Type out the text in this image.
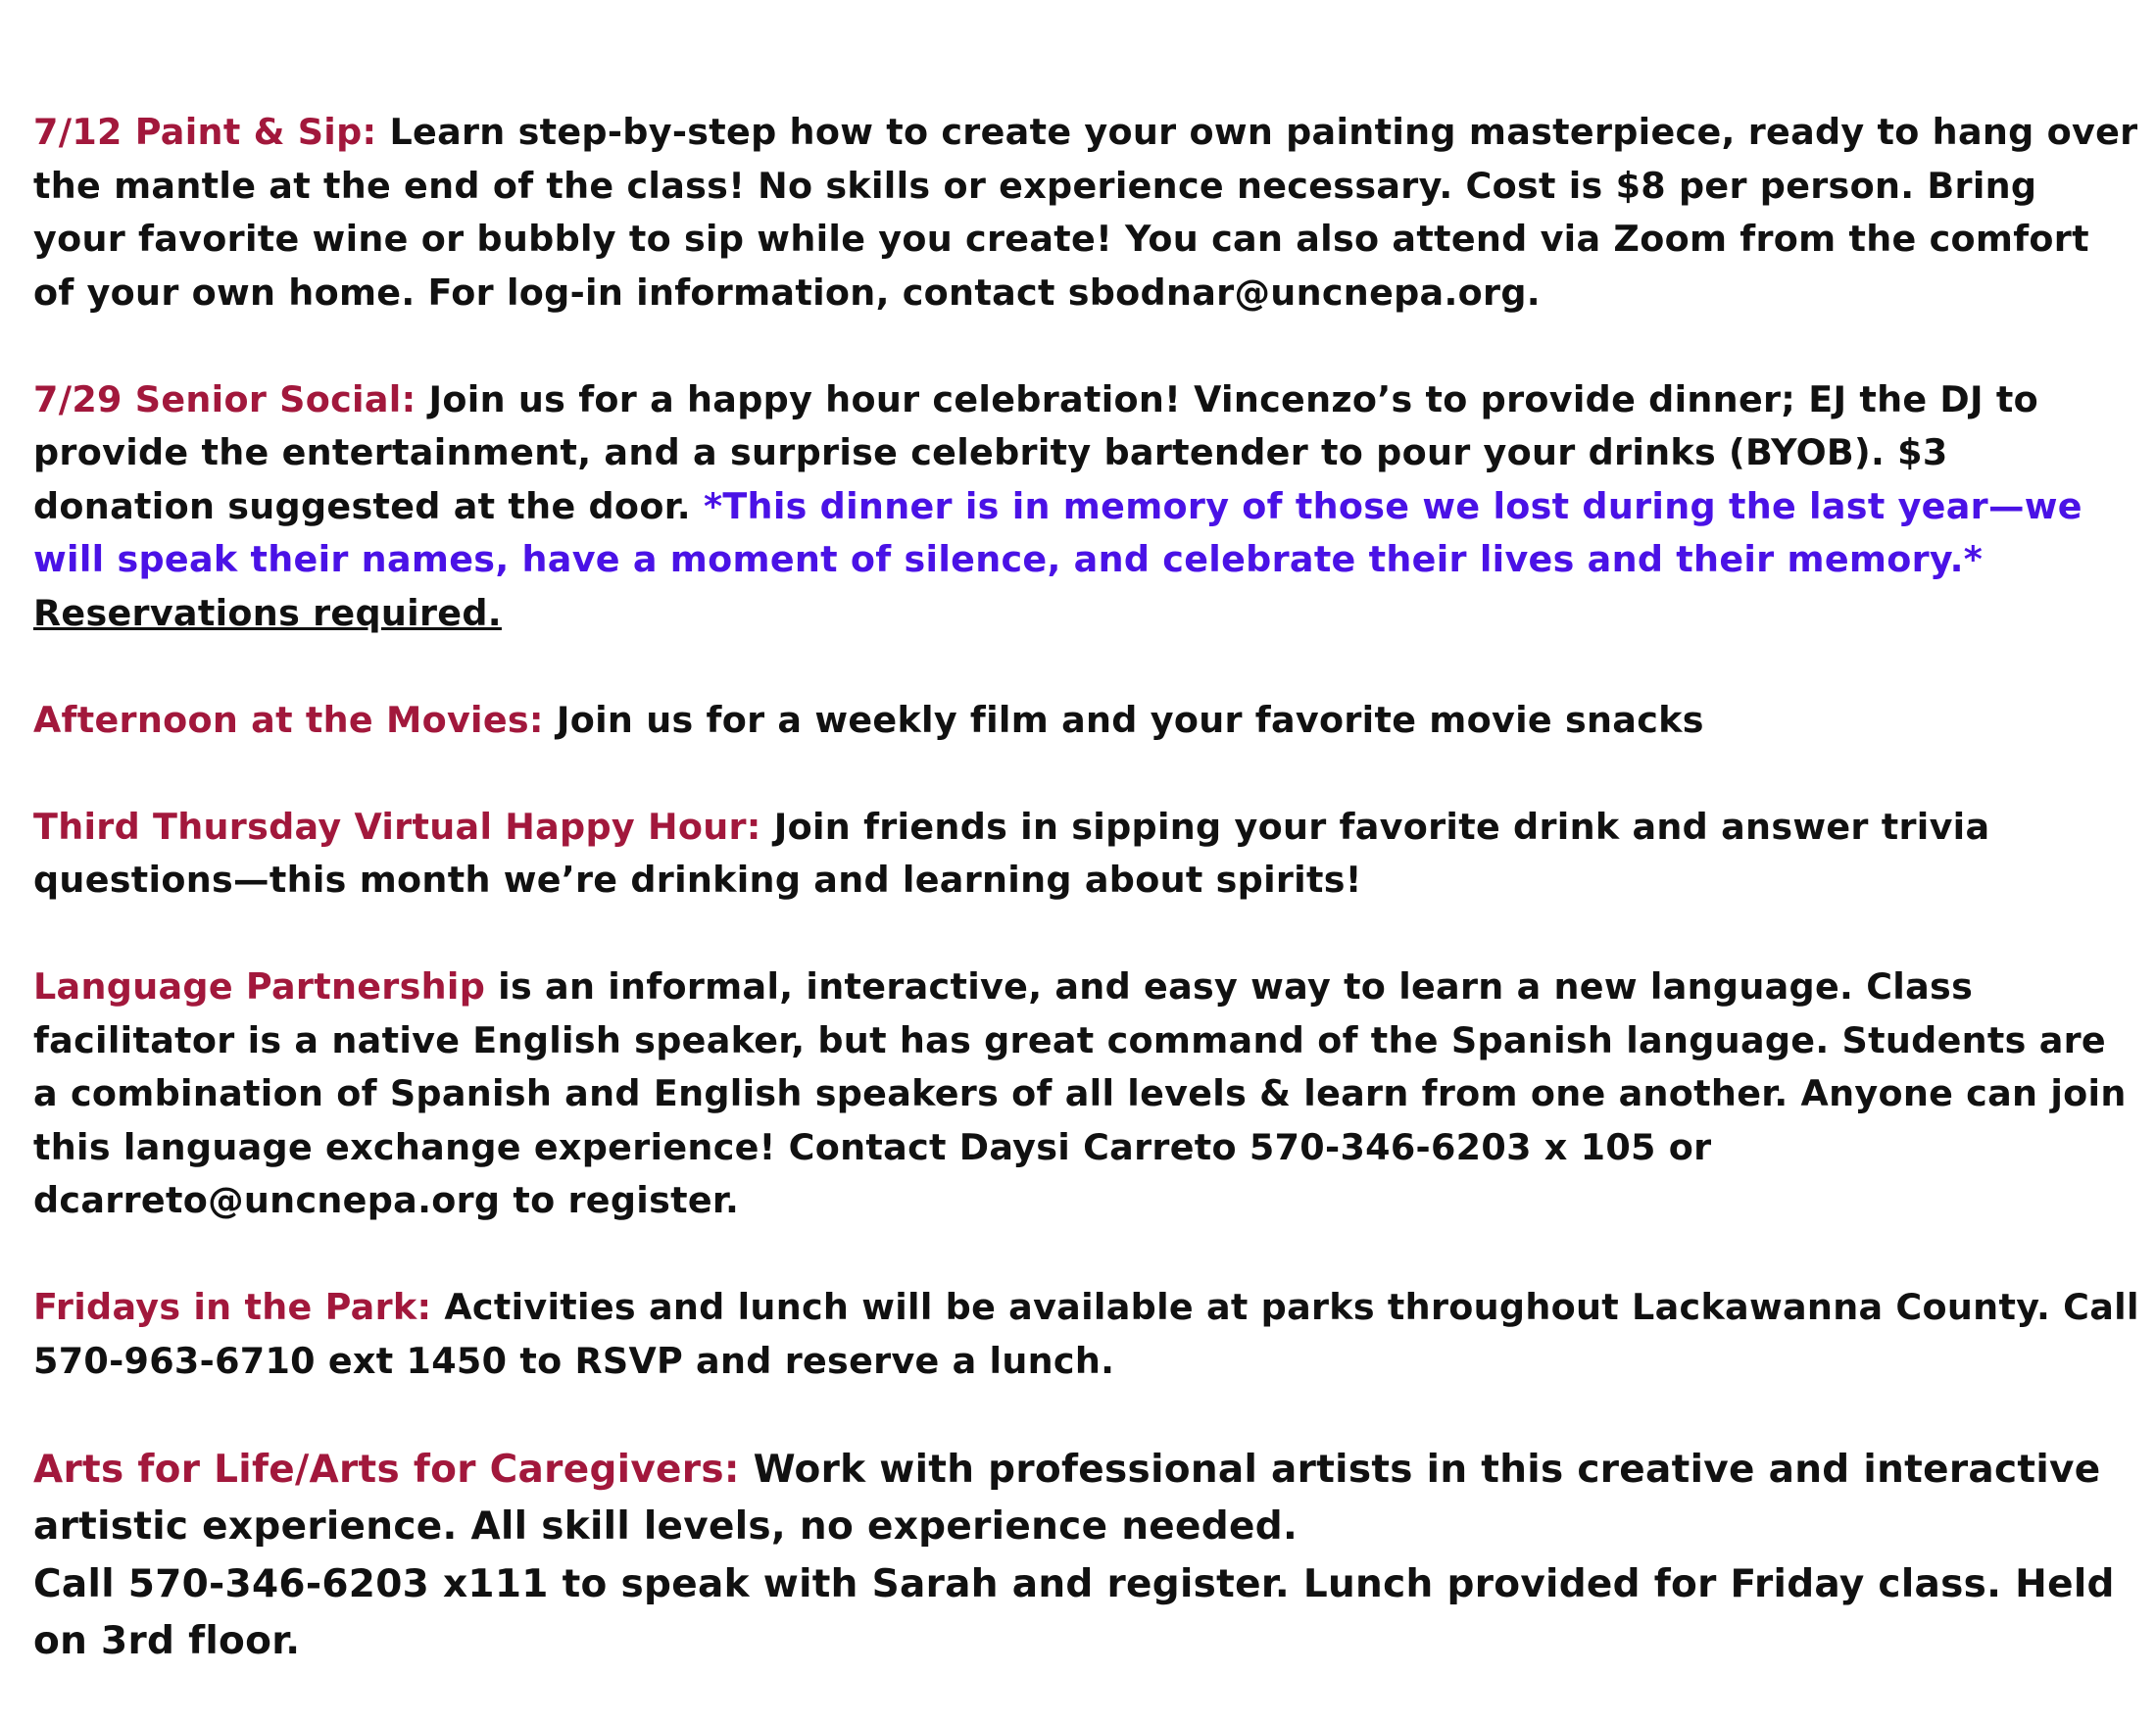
7/12 Paint & Sip: Learn step-by-step how to create your own painting masterpiece, ready to hang over the mantle at the end of the class! No skills or experience necessary. Cost is $8 per person. Bring your favorite wine or bubbly to sip while you create! You can also attend via Zoom from the comfort of your own home. For log-in information, contact sbodnar@uncnepa.org.

7/29 Senior Social: Join us for a happy hour celebration! Vincenzo’s to provide dinner; EJ the DJ to provide the entertainment, and a surprise celebrity bartender to pour your drinks (BYOB). $3 donation suggested at the door. *This dinner is in memory of those we lost during the last year—we will speak their names, have a moment of silence, and celebrate their lives and their memory.*
Reservations required.

Afternoon at the Movies: Join us for a weekly film and your favorite movie snacks

Third Thursday Virtual Happy Hour: Join friends in sipping your favorite drink and answer trivia questions—this month we’re drinking and learning about spirits!

Language Partnership is an informal, interactive, and easy way to learn a new language. Class facilitator is a native English speaker, but has great command of the Spanish language. Students are a combination of Spanish and English speakers of all levels & learn from one another. Anyone can join this language exchange experience! Contact Daysi Carreto 570-346-6203 x 105 or dcarreto@uncnepa.org to register.

Fridays in the Park: Activities and lunch will be available at parks throughout Lackawanna County. Call 570-963-6710 ext 1450 to RSVP and reserve a lunch.

Arts for Life/Arts for Caregivers: Work with professional artists in this creative and interactive artistic experience. All skill levels, no experience needed.
Call 570-346-6203 x111 to speak with Sarah and register. Lunch provided for Friday class. Held on 3rd floor.
